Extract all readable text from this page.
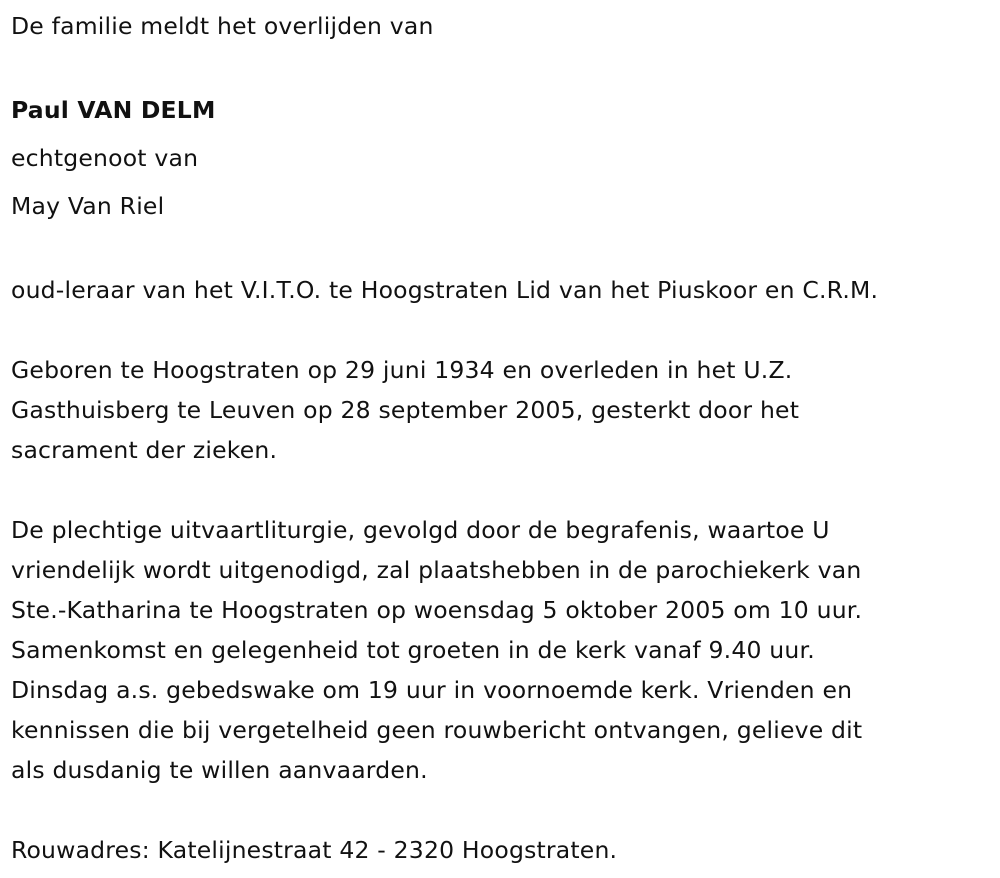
De familie meldt het overlijden van

Paul VAN DELM

echtgenoot van

May Van Riel

oud-leraar van het V.I.T.O. te Hoogstraten Lid van het Piuskoor en C.R.M.

Geboren te Hoogstraten op 29 juni 1934 en overleden in het U.Z.

Gasthuisberg te Leuven op 28 september 2005, gesterkt door het

sacrament der zieken.

De plechtige uitvaartliturgie, gevolgd door de begrafenis, waartoe U

vriendelijk wordt uitgenodigd, zal plaatshebben in de parochiekerk van

Ste.-Katharina te Hoogstraten op woensdag 5 oktober 2005 om 10 uur.

Samenkomst en gelegenheid tot groeten in de kerk vanaf 9.40 uur.

Dinsdag a.s. gebedswake om 19 uur in voornoemde kerk. Vrienden en

kennissen die bij vergetelheid geen rouwbericht ontvangen, gelieve dit

als dusdanig te willen aanvaarden.

Rouwadres: Katelijnestraat 42 - 2320 Hoogstraten.
